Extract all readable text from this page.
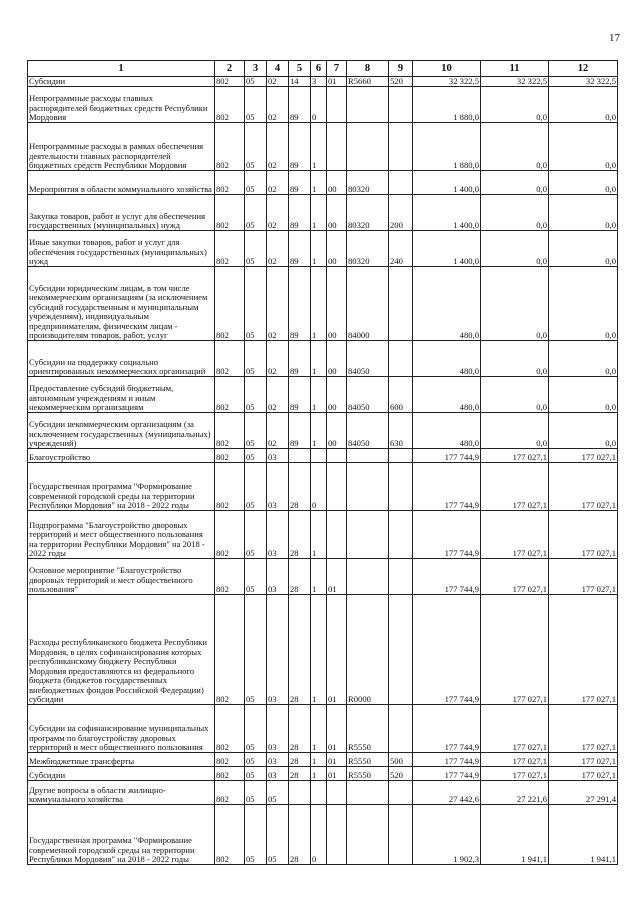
17
1	2	3	4	5	6	7	8	9	10	11	12
Субсидии	802	05	02	14	3	01	R5660	520	32 322,5	32 322,5	32 322,5
Непрограммные расходы главных распорядителей бюджетных средств Республики Мордовия	802	05	02	89	0				1 880,0	0,0	0,0
Непрограммные расходы в рамках обеспечения деятельности главных распорядителей бюджетных средств Республики Мордовия	802	05	02	89	1				1 880,0	0,0	0,0
Мероприятия в области коммунального хозяйства	802	05	02	89	1	00	80320		1 400,0	0,0	0,0
Закупка товаров, работ и услуг для обеспечения государственных (муниципальных) нужд	802	05	02	89	1	00	80320	200	1 400,0	0,0	0,0
Иные закупки товаров, работ и услуг для обеспечения государственных (муниципальных) нужд	802	05	02	89	1	00	80320	240	1 400,0	0,0	0,0
Субсидии юридическим лицам, в том числе некоммерческим организациям (за исключением субсидий государственным и муниципальным учреждениям), индивидуальным предпринимателям, физическим лицам - производителям товаров, работ, услуг	802	05	02	89	1	00	84000		480,0	0,0	0,0
Субсидии на поддержку социально ориентированных некоммерческих организаций	802	05	02	89	1	00	84050		480,0	0,0	0,0
Предоставление субсидий бюджетным, автономным учреждениям и иным некоммерческим организациям	802	05	02	89	1	00	84050	600	480,0	0,0	0,0
Субсидии некоммерческим организациям (за исключением государственных (муниципальных) учреждений)	802	05	02	89	1	00	84050	630	480,0	0,0	0,0
Благоустройство	802	05	03						177 744,9	177 027,1	177 027,1
Государственная программа "Формирование современной городской среды на территории Республики Мордовия" на 2018 - 2022 годы	802	05	03	28	0				177 744,9	177 027,1	177 027,1
Подпрограмма "Благоустройство дворовых территорий и мест общественного пользования на территории Республики Мордовия" на 2018 - 2022 годы	802	05	03	28	1				177 744,9	177 027,1	177 027,1
Основное мероприятие "Благоустройство дворовых территорий и мест общественного пользования"	802	05	03	28	1	01			177 744,9	177 027,1	177 027,1
Расходы республиканского бюджета Республики Мордовия, в целях софинансирования которых республиканскому бюджету Республики Мордовия предоставляются из федерального бюджета (бюджетов государственных внебюджетных фондов Российской Федерации) субсидии	802	05	03	28	1	01	R0000		177 744,9	177 027,1	177 027,1
Субсидии на софинансирование муниципальных программ по благоустройству дворовых территорий и мест общественного пользования	802	05	03	28	1	01	R5550		177 744,9	177 027,1	177 027,1
Межбюджетные трансферты	802	05	03	28	1	01	R5550	500	177 744,9	177 027,1	177 027,1
Субсидии	802	05	03	28	1	01	R5550	520	177 744,9	177 027,1	177 027,1
Другие вопросы в области жилищно-коммунального хозяйства	802	05	05						27 442,6	27 221,6	27 291,4
Государственная программа "Формирование современной городской среды на территории Республики Мордовия" на 2018 - 2022 годы	802	05	05	28	0				1 902,3	1 941,1	1 941,1
